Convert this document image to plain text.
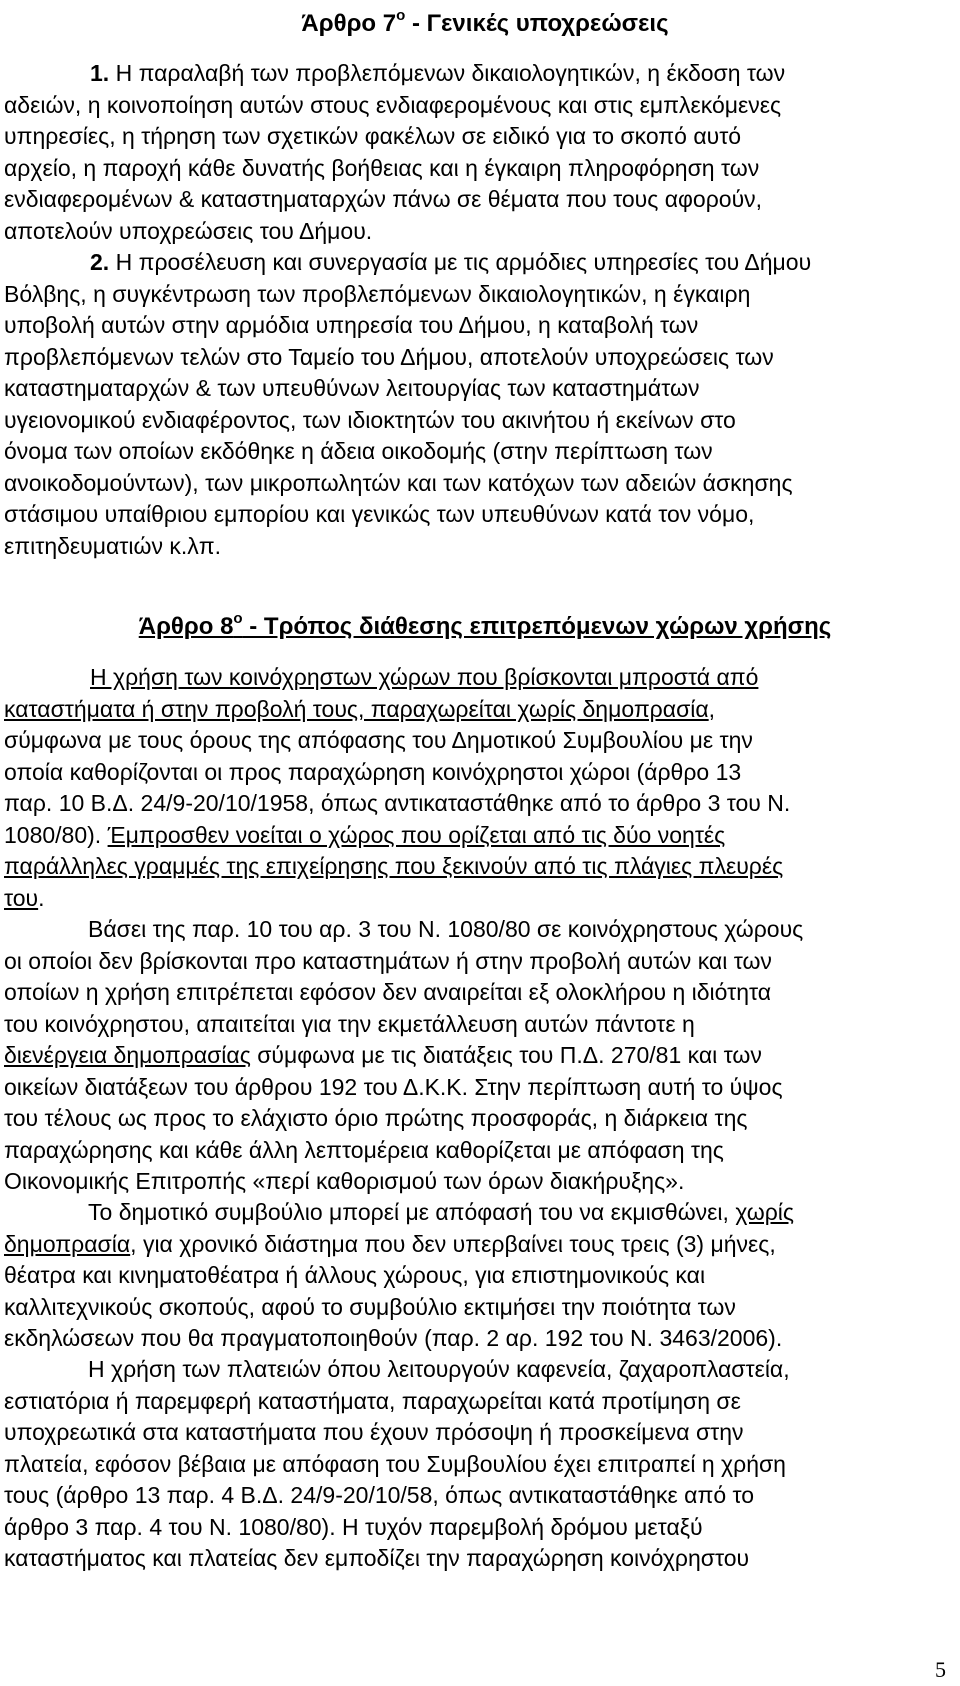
Άρθρο $7^o$ - Γενικές υποχρεώσεις
1. Η παραλαβή των προβλεπόμενων δικαιολογητικών, η έκδοση των
αδειών, η κοινοποίηση αυτών στους ενδιαφερομένους και στις εμπλεκόμενες
υπηρεσίες, η τήρηση των σχετικών φακέλων σε ειδικό για το σκοπό αυτό
αρχείο, η παροχή κάθε δυνατής βοήθειας και η έγκαιρη πληροφόρηση των
ενδιαφερομένων & καταστηματαρχών πάνω σε θέματα που τους αφορούν,
αποτελούν υποχρεώσεις του Δήμου.
2. Η προσέλευση και συνεργασία με τις αρμόδιες υπηρεσίες του Δήμου
Βόλβης, η συγκέντρωση των προβλεπόμενων δικαιολογητικών, η έγκαιρη
υποβολή αυτών στην αρμόδια υπηρεσία του Δήμου, η καταβολή των
προβλεπόμενων τελών στο Ταμείο του Δήμου, αποτελούν υποχρεώσεις των
καταστηματαρχών & των υπευθύνων λειτουργίας των καταστημάτων
υγειονομικού ενδιαφέροντος, των ιδιοκτητών του ακινήτου ή εκείνων στο
όνομα των οποίων εκδόθηκε η άδεια οικοδομής (στην περίπτωση των
ανοικοδομούντων), των μικροπωλητών και των κατόχων των αδειών άσκησης
στάσιμου υπαίθριου εμπορίου και γενικώς των υπευθύνων κατά τον νόμο,
επιτηδευματιών κ.λπ.
Άρθρο $8^o$ - Τρόπος διάθεσης επιτρεπόμενων χώρων χρήσης
Η χρήση των κοινόχρηστων χώρων που βρίσκονται μπροστά από
καταστήματα ή στην προβολή τους, παραχωρείται χωρίς δημοπρασία,
σύμφωνα με τους όρους της απόφασης του Δημοτικού Συμβουλίου με την
οποία καθορίζονται οι προς παραχώρηση κοινόχρηστοι χώροι (άρθρο 13
παρ. 10 Β.Δ. 24/9-20/10/1958, όπως αντικαταστάθηκε από το άρθρο 3 του Ν.
1080/80). Έμπροσθεν νοείται ο χώρος που ορίζεται από τις δύο νοητές
παράλληλες γραμμές της επιχείρησης που ξεκινούν από τις πλάγιες πλευρές
του.
Βάσει της παρ. 10 του αρ. 3 του Ν. 1080/80 σε κοινόχρηστους χώρους
οι οποίοι δεν βρίσκονται προ καταστημάτων ή στην προβολή αυτών και των
οποίων η χρήση επιτρέπεται εφόσον δεν αναιρείται εξ ολοκλήρου η ιδιότητα
του κοινόχρηστου, απαιτείται για την εκμετάλλευση αυτών πάντοτε η
διενέργεια δημοπρασίας σύμφωνα με τις διατάξεις του Π.Δ. 270/81 και των
οικείων διατάξεων του άρθρου 192 του Δ.Κ.Κ. Στην περίπτωση αυτή το ύψος
του τέλους ως προς το ελάχιστο όριο πρώτης προσφοράς, η διάρκεια της
παραχώρησης και κάθε άλλη λεπτομέρεια καθορίζεται με απόφαση της
Οικονομικής Επιτροπής «περί καθορισμού των όρων διακήρυξης».
Το δημοτικό συμβούλιο μπορεί με απόφασή του να εκμισθώνει, χωρίς
δημοπρασία, για χρονικό διάστημα που δεν υπερβαίνει τους τρεις (3) μήνες,
θέατρα και κινηματοθέατρα ή άλλους χώρους, για επιστημονικούς και
καλλιτεχνικούς σκοπούς, αφού το συμβούλιο εκτιμήσει την ποιότητα των
εκδηλώσεων που θα πραγματοποιηθούν (παρ. 2 αρ. 192 του Ν. 3463/2006).
Η χρήση των πλατειών όπου λειτουργούν καφενεία, ζαχαροπλαστεία,
εστιατόρια ή παρεμφερή καταστήματα, παραχωρείται κατά προτίμηση σε
υποχρεωτικά στα καταστήματα που έχουν πρόσοψη ή προσκείμενα στην
πλατεία, εφόσον βέβαια με απόφαση του Συμβουλίου έχει επιτραπεί η χρήση
τους (άρθρο 13 παρ. 4 Β.Δ. 24/9-20/10/58, όπως αντικαταστάθηκε από το
άρθρο 3 παρ. 4 του Ν. 1080/80). Η τυχόν παρεμβολή δρόμου μεταξύ
καταστήματος και πλατείας δεν εμποδίζει την παραχώρηση κοινόχρηστου
5
